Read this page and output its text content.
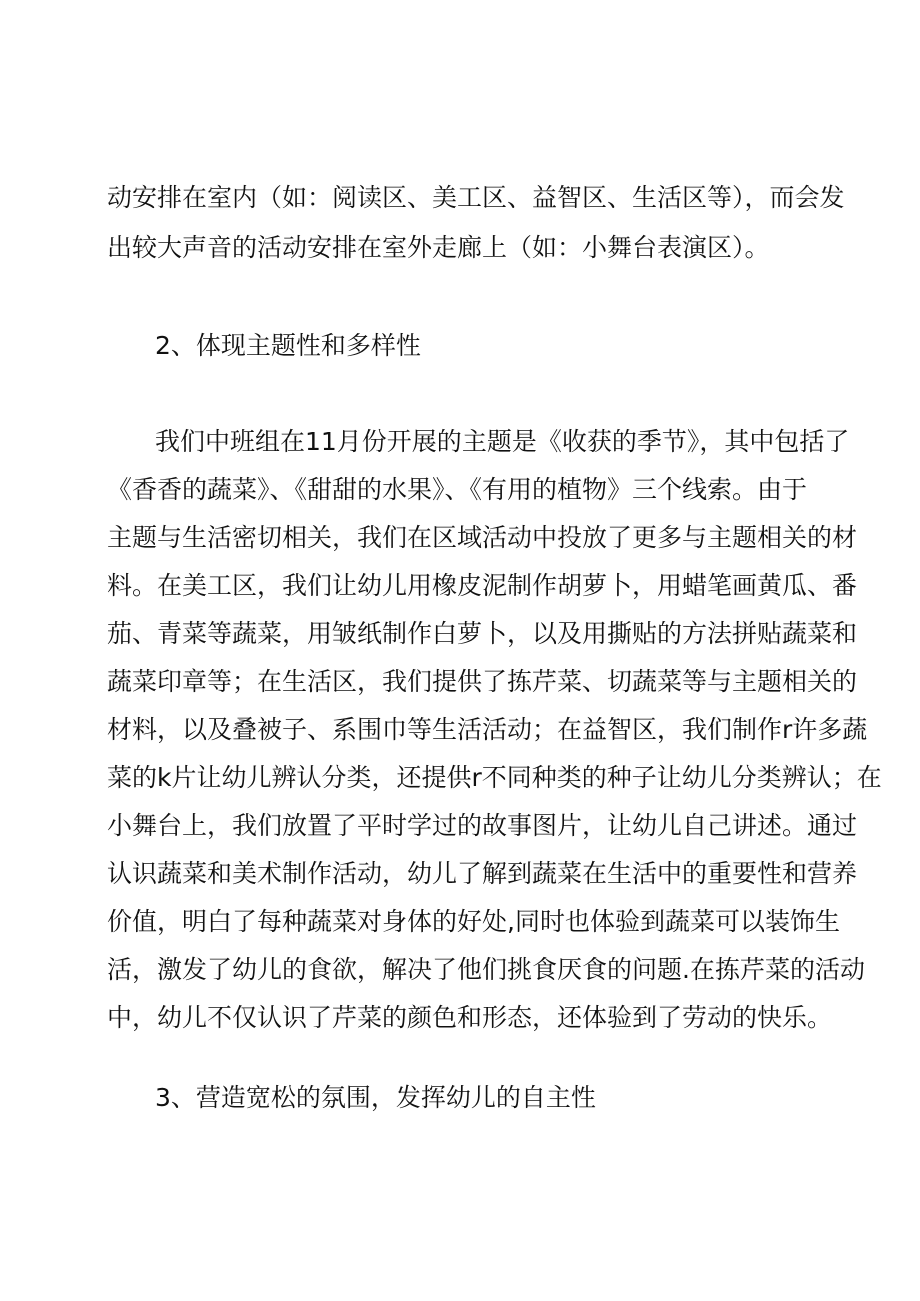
动安排在室内（如：阅读区、美工区、益智区、生活区等），而会发
出较大声音的活动安排在室外走廊上（如：小舞台表演区）。
2、体现主题性和多样性
我们中班组在11月份开展的主题是《收获的季节》，其中包括了
《香香的蔬菜》、《甜甜的水果》、《有用的植物》三个线索。由于
主题与生活密切相关，我们在区域活动中投放了更多与主题相关的材
料。在美工区，我们让幼儿用橡皮泥制作胡萝卜，用蜡笔画黄瓜、番
茄、青菜等蔬菜，用皱纸制作白萝卜，以及用撕贴的方法拼贴蔬菜和
蔬菜印章等；在生活区，我们提供了拣芹菜、切蔬菜等与主题相关的
材料，以及叠被子、系围巾等生活活动；在益智区，我们制作r许多蔬
菜的k片让幼儿辨认分类，还提供r不同种类的种子让幼儿分类辨认；在
小舞台上，我们放置了平时学过的故事图片，让幼儿自己讲述。通过
认识蔬菜和美术制作活动，幼儿了解到蔬菜在生活中的重要性和营养
价值，明白了每种蔬菜对身体的好处,同时也体验到蔬菜可以装饰生
活，激发了幼儿的食欲，解决了他们挑食厌食的问题.在拣芹菜的活动
中，幼儿不仅认识了芹菜的颜色和形态，还体验到了劳动的快乐。
3、营造宽松的氛围，发挥幼儿的自主性
